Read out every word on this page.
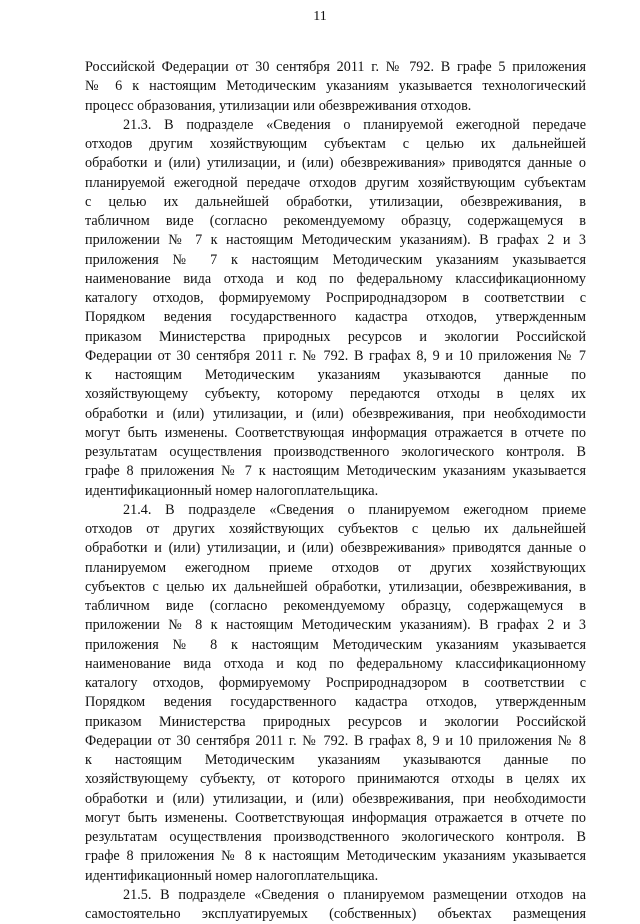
11
Российской Федерации от 30 сентября 2011 г. № 792. В графе 5 приложения
№ 6 к настоящим Методическим указаниям указывается технологический
процесс образования, утилизации или обезвреживания отходов.
21.3. В подразделе «Сведения о планируемой ежегодной передаче
отходов другим хозяйствующим субъектам с целью их дальнейшей
обработки и (или) утилизации, и (или) обезвреживания» приводятся данные о
планируемой ежегодной передаче отходов другим хозяйствующим субъектам
с целью их дальнейшей обработки, утилизации, обезвреживания, в
табличном виде (согласно рекомендуемому образцу, содержащемуся в
приложении № 7 к настоящим Методическим указаниям). В графах 2 и 3
приложения № 7 к настоящим Методическим указаниям указывается
наименование вида отхода и код по федеральному классификационному
каталогу отходов, формируемому Росприроднадзором в соответствии с
Порядком ведения государственного кадастра отходов, утвержденным
приказом Министерства природных ресурсов и экологии Российской
Федерации от 30 сентября 2011 г. № 792. В графах 8, 9 и 10 приложения № 7
к настоящим Методическим указаниям указываются данные по
хозяйствующему субъекту, которому передаются отходы в целях их
обработки и (или) утилизации, и (или) обезвреживания, при необходимости
могут быть изменены. Соответствующая информация отражается в отчете по
результатам осуществления производственного экологического контроля. В
графе 8 приложения № 7 к настоящим Методическим указаниям указывается
идентификационный номер налогоплательщика.
21.4. В подразделе «Сведения о планируемом ежегодном приеме
отходов от других хозяйствующих субъектов с целью их дальнейшей
обработки и (или) утилизации, и (или) обезвреживания» приводятся данные о
планируемом ежегодном приеме отходов от других хозяйствующих
субъектов с целью их дальнейшей обработки, утилизации, обезвреживания, в
табличном виде (согласно рекомендуемому образцу, содержащемуся в
приложении № 8 к настоящим Методическим указаниям). В графах 2 и 3
приложения № 8 к настоящим Методическим указаниям указывается
наименование вида отхода и код по федеральному классификационному
каталогу отходов, формируемому Росприроднадзором в соответствии с
Порядком ведения государственного кадастра отходов, утвержденным
приказом Министерства природных ресурсов и экологии Российской
Федерации от 30 сентября 2011 г. № 792. В графах 8, 9 и 10 приложения № 8
к настоящим Методическим указаниям указываются данные по
хозяйствующему субъекту, от которого принимаются отходы в целях их
обработки и (или) утилизации, и (или) обезвреживания, при необходимости
могут быть изменены. Соответствующая информация отражается в отчете по
результатам осуществления производственного экологического контроля. В
графе 8 приложения № 8 к настоящим Методическим указаниям указывается
идентификационный номер налогоплательщика.
21.5. В подразделе «Сведения о планируемом размещении отходов на
самостоятельно эксплуатируемых (собственных) объектах размещения
